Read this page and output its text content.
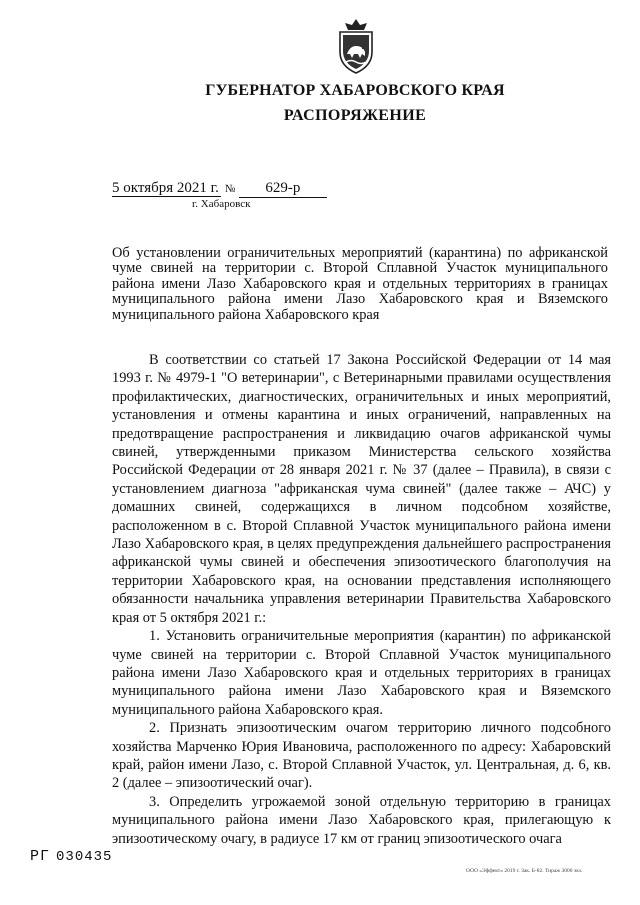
ГУБЕРНАТОР ХАБАРОВСКОГО КРАЯ
РАСПОРЯЖЕНИЕ
5 октября 2021 г. № 629-р
г. Хабаровск
Об установлении ограничительных мероприятий (карантина) по африканской чуме свиней на территории с. Второй Сплавной Участок муниципального района имени Лазо Хабаровского края и отдельных территориях в границах муниципального района имени Лазо Хабаровского края и Вяземского муниципального района Хабаровского края

В соответствии со статьей 17 Закона Российской Федерации от 14 мая 1993 г. № 4979-1 "О ветеринарии", с Ветеринарными правилами осуществления профилактических, диагностических, ограничительных и иных мероприятий, установления и отмены карантина и иных ограничений, направленных на предотвращение распространения и ликвидацию очагов африканской чумы свиней, утвержденными приказом Министерства сельского хозяйства Российской Федерации от 28 января 2021 г. № 37 (далее – Правила), в связи с установлением диагноза "африканская чума свиней" (далее также – АЧС) у домашних свиней, содержащихся в личном подсобном хозяйстве, расположенном в с. Второй Сплавной Участок муниципального района имени Лазо Хабаровского края, в целях предупреждения дальнейшего распространения африканской чумы свиней и обеспечения эпизоотического благополучия на территории Хабаровского края, на основании представления исполняющего обязанности начальника управления ветеринарии Правительства Хабаровского края от 5 октября 2021 г.:

1. Установить ограничительные мероприятия (карантин) по африканской чуме свиней на территории с. Второй Сплавной Участок муниципального района имени Лазо Хабаровского края и отдельных территориях в границах муниципального района имени Лазо Хабаровского края и Вяземского муниципального района Хабаровского края.

2. Признать эпизоотическим очагом территорию личного подсобного хозяйства Марченко Юрия Ивановича, расположенного по адресу: Хабаровский край, район имени Лазо, с. Второй Сплавной Участок, ул. Центральная, д. 6, кв. 2 (далее – эпизоотический очаг).

3. Определить угрожаемой зоной отдельную территорию в границах муниципального района имени Лазо Хабаровского края, прилегающую к эпизоотическому очагу, в радиусе 17 км от границ эпизоотического очага

РГ 030435
ООО «Эффект» 2019 г. Зак. Б-82. Тираж 3000 экз.
